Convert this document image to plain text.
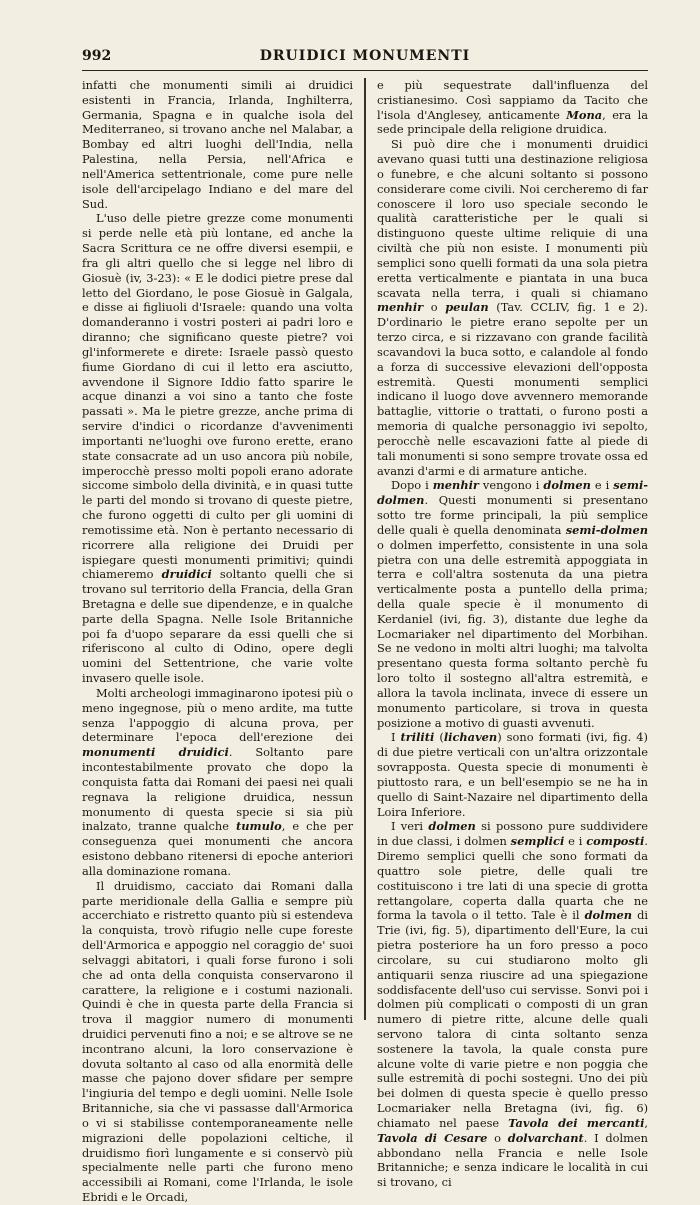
992	DRUIDICI MONUMENTI

infatti che monumenti simili ai druidici esistenti in Francia, Irlanda, Inghilterra, Germania, Spagna e in qualche isola del Mediterraneo, si trovano anche nel Malabar, a Bombay ed altri luoghi dell'India, nella Palestina, nella Persia, nell'Africa e nell'America settentrionale, come pure nelle isole dell'arcipelago Indiano e del mare del Sud.

L'uso delle pietre grezze come monumenti si perde nelle età più lontane, ed anche la Sacra Scrittura ce ne offre diversi esempii, e fra gli altri quello che si legge nel libro di Giosuè (iv, 3-23): « E le dodici pietre prese dal letto del Giordano, le pose Giosuè in Galgala, e disse ai figliuoli d'Israele: quando una volta domanderanno i vostri posteri ai padri loro e diranno; che significano queste pietre? voi gl'informerete e direte: Israele passò questo fiume Giordano di cui il letto era asciutto, avvendone il Signore Iddio fatto sparire le acque dinanzi a voi sino a tanto che foste passati ». Ma le pietre grezze, anche prima di servire d'indici o ricordanze d'avvenimenti importanti ne'luoghi ove furono erette, erano state consacrate ad un uso ancora più nobile, imperocchè presso molti popoli erano adorate siccome simbolo della divinità, e in quasi tutte le parti del mondo si trovano di queste pietre, che furono oggetti di culto per gli uomini di remotissime età. Non è pertanto necessario di ricorrere alla religione dei Druidi per ispiegare questi monumenti primitivi; quindi chiameremo druidici soltanto quelli che si trovano sul territorio della Francia, della Gran Bretagna e delle sue dipendenze, e in qualche parte della Spagna. Nelle Isole Britanniche poi fa d'uopo separare da essi quelli che si riferiscono al culto di Odino, opere degli uomini del Settentrione, che varie volte invasero quelle isole.

Molti archeologi immaginarono ipotesi più o meno ingegnose, più o meno ardite, ma tutte senza l'appoggio di alcuna prova, per determinare l'epoca dell'erezione dei monumenti druidici. Soltanto pare incontestabilmente provato che dopo la conquista fatta dai Romani dei paesi nei quali regnava la religione druidica, nessun monumento di questa specie si sia più inalzato, tranne qualche tumulo, e che per conseguenza quei monumenti che ancora esistono debbano ritenersi di epoche anteriori alla dominazione romana.

Il druidismo, cacciato dai Romani dalla parte meridionale della Gallia e sempre più accerchiato e ristretto quanto più si estendeva la conquista, trovò rifugio nelle cupe foreste dell'Armorica e appoggio nel coraggio de' suoi selvaggi abitatori, i quali forse furono i soli che ad onta della conquista conservarono il carattere, la religione e i costumi nazionali. Quindi è che in questa parte della Francia si trova il maggior numero di monumenti druidici pervenuti fino a noi; e se altrove se ne incontrano alcuni, la loro conservazione è dovuta soltanto al caso od alla enormità delle masse che pajono dover sfidare per sempre l'ingiuria del tempo e degli uomini. Nelle Isole Britanniche, sia che vi passasse dall'Armorica o vi si stabilisse contemporaneamente nelle migrazioni delle popolazioni celtiche, il druidismo fiorì lungamente e si conservò più specialmente nelle parti che furono meno accessibili ai Romani, come l'Irlanda, le isole Ebridi e le Orcadi,

e più sequestrate dall'influenza del cristianesimo. Così sappiamo da Tacito che l'isola d'Anglesey, anticamente Mona, era la sede principale della religione druidica.

Si può dire che i monumenti druidici avevano quasi tutti una destinazione religiosa o funebre, e che alcuni soltanto si possono considerare come civili. Noi cercheremo di far conoscere il loro uso speciale secondo le qualità caratteristiche per le quali si distinguono queste ultime reliquie di una civiltà che più non esiste. I monumenti più semplici sono quelli formati da una sola pietra eretta verticalmente e piantata in una buca scavata nella terra, i quali si chiamano menhir o peulan (Tav. CCLIV, fig. 1 e 2). D'ordinario le pietre erano sepolte per un terzo circa, e si rizzavano con grande facilità scavandovi la buca sotto, e calandole al fondo a forza di successive elevazioni dell'opposta estremità. Questi monumenti semplici indicano il luogo dove avvennero memorande battaglie, vittorie o trattati, o furono posti a memoria di qualche personaggio ivi sepolto, perocchè nelle escavazioni fatte al piede di tali monumenti si sono sempre trovate ossa ed avanzi d'armi e di armature antiche.

Dopo i menhir vengono i dolmen e i semi-dolmen. Questi monumenti si presentano sotto tre forme principali, la più semplice delle quali è quella denominata semi-dolmen o dolmen imperfetto, consistente in una sola pietra con una delle estremità appoggiata in terra e coll'altra sostenuta da una pietra verticalmente posta a puntello della prima; della quale specie è il monumento di Kerdaniel (ivi, fig. 3), distante due leghe da Locmariaker nel dipartimento del Morbihan. Se ne vedono in molti altri luoghi; ma talvolta presentano questa forma soltanto perchè fu loro tolto il sostegno all'altra estremità, e allora la tavola inclinata, invece di essere un monumento particolare, si trova in questa posizione a motivo di guasti avvenuti.

I triliti (lichaven) sono formati (ivi, fig. 4) di due pietre verticali con un'altra orizzontale sovrapposta. Questa specie di monumenti è piuttosto rara, e un bell'esempio se ne ha in quello di Saint-Nazaire nel dipartimento della Loira Inferiore.

I veri dolmen si possono pure suddividere in due classi, i dolmen semplici e i composti. Diremo semplici quelli che sono formati da quattro sole pietre, delle quali tre costituiscono i tre lati di una specie di grotta rettangolare, coperta dalla quarta che ne forma la tavola o il tetto. Tale è il dolmen di Trie (ivi, fig. 5), dipartimento dell'Eure, la cui pietra posteriore ha un foro presso a poco circolare, su cui studiarono molto gli antiquarii senza riuscire ad una spiegazione soddisfacente dell'uso cui servisse. Sonvi poi i dolmen più complicati o composti di un gran numero di pietre ritte, alcune delle quali servono talora di cinta soltanto senza sostenere la tavola, la quale consta pure alcune volte di varie pietre e non poggia che sulle estremità di pochi sostegni. Uno dei più bei dolmen di questa specie è quello presso Locmariaker nella Bretagna (ivi, fig. 6) chiamato nel paese Tavola dei mercanti, Tavola di Cesare o dolvarchant. I dolmen abbondano nella Francia e nelle Isole Britanniche; e senza indicare le località in cui si trovano, ci
